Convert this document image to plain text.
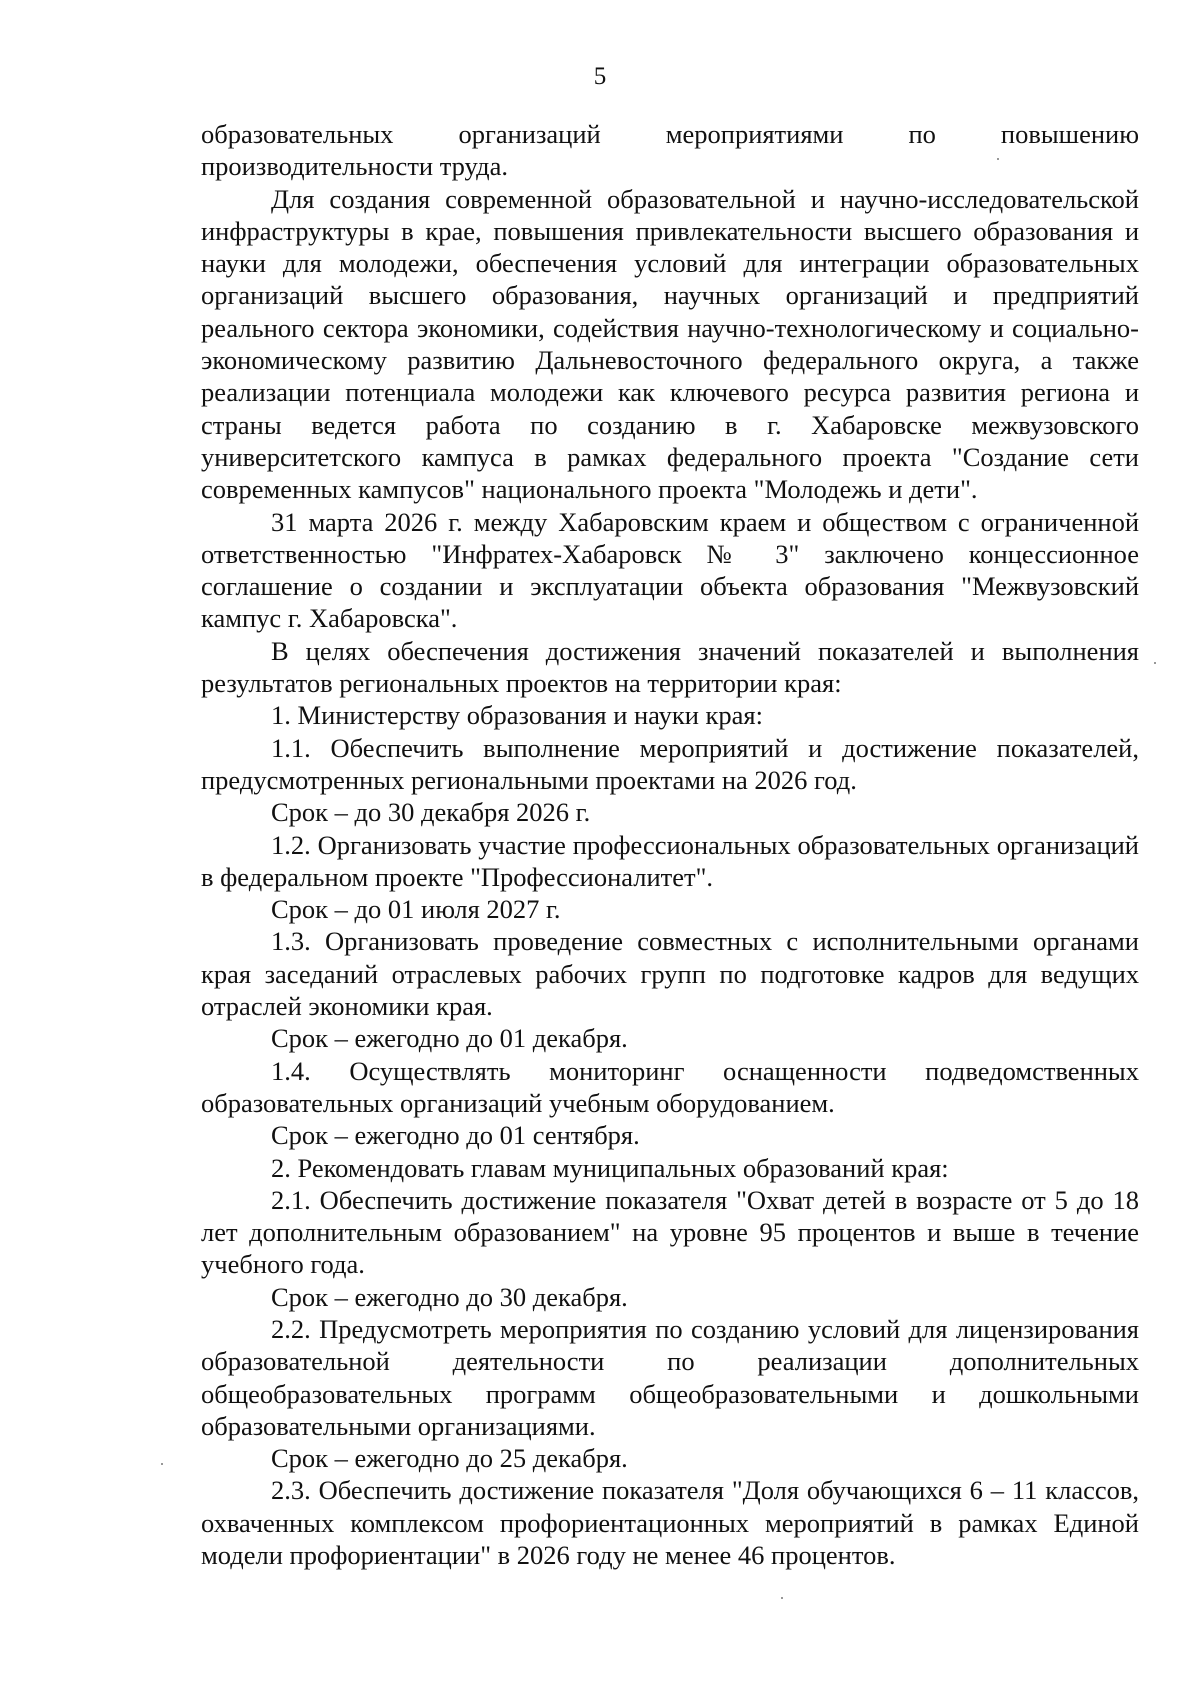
5

образовательных организаций мероприятиями по повышению производительности труда.

Для создания современной образовательной и научно-исследовательской инфраструктуры в крае, повышения привлекательности высшего образования и науки для молодежи, обеспечения условий для интеграции образовательных организаций высшего образования, научных организаций и предприятий реального сектора экономики, содействия научно-технологическому и социально-экономическому развитию Дальневосточного федерального округа, а также реализации потенциала молодежи как ключевого ресурса развития региона и страны ведется работа по созданию в г. Хабаровске межвузовского университетского кампуса в рамках федерального проекта "Создание сети современных кампусов" национального проекта "Молодежь и дети".

31 марта 2026 г. между Хабаровским краем и обществом с ограниченной ответственностью "Инфратех-Хабаровск № 3" заключено концессионное соглашение о создании и эксплуатации объекта образования "Межвузовский кампус г. Хабаровска".

В целях обеспечения достижения значений показателей и выполнения результатов региональных проектов на территории края:

1. Министерству образования и науки края:

1.1. Обеспечить выполнение мероприятий и достижение показателей, предусмотренных региональными проектами на 2026 год.

Срок – до 30 декабря 2026 г.

1.2. Организовать участие профессиональных образовательных организаций в федеральном проекте "Профессионалитет".

Срок – до 01 июля 2027 г.

1.3. Организовать проведение совместных с исполнительными органами края заседаний отраслевых рабочих групп по подготовке кадров для ведущих отраслей экономики края.

Срок – ежегодно до 01 декабря.

1.4. Осуществлять мониторинг оснащенности подведомственных образовательных организаций учебным оборудованием.

Срок – ежегодно до 01 сентября.

2. Рекомендовать главам муниципальных образований края:

2.1. Обеспечить достижение показателя "Охват детей в возрасте от 5 до 18 лет дополнительным образованием" на уровне 95 процентов и выше в течение учебного года.

Срок – ежегодно до 30 декабря.

2.2. Предусмотреть мероприятия по созданию условий для лицензирования образовательной деятельности по реализации дополнительных общеобразовательных программ общеобразовательными и дошкольными образовательными организациями.

Срок – ежегодно до 25 декабря.

2.3. Обеспечить достижение показателя "Доля обучающихся 6 – 11 классов, охваченных комплексом профориентационных мероприятий в рамках Единой модели профориентации" в 2026 году не менее 46 процентов.
